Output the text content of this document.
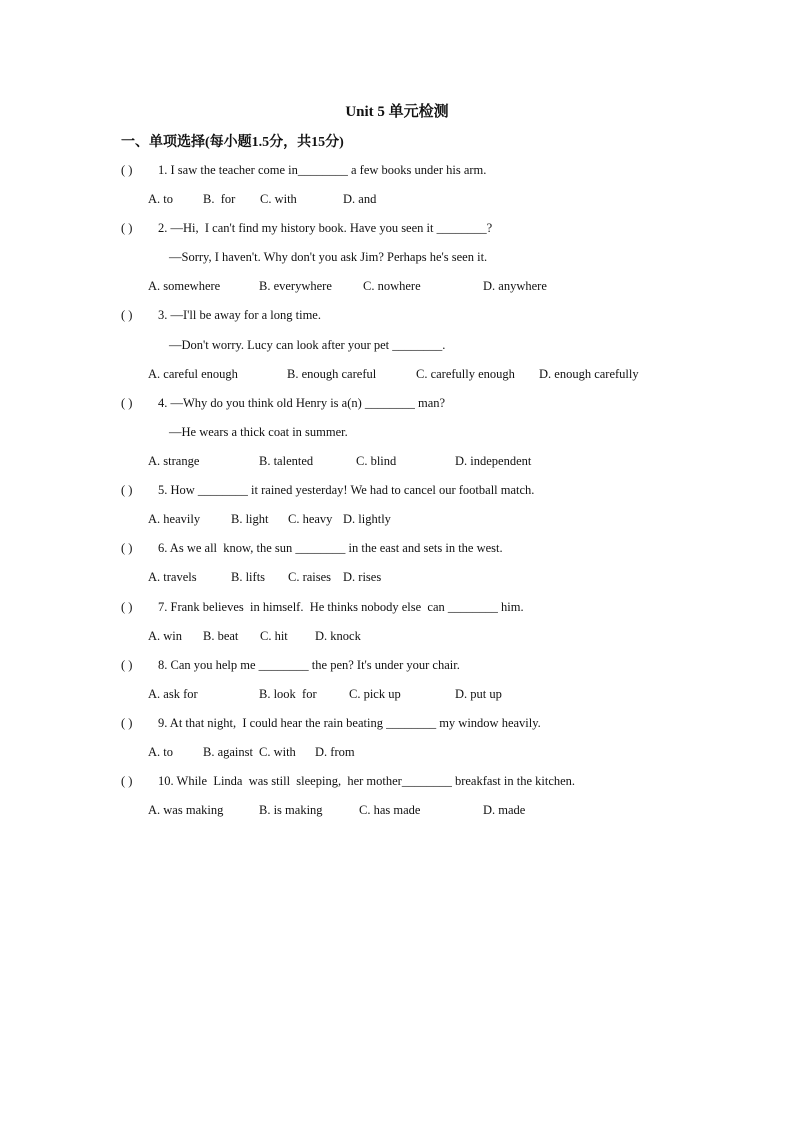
Unit 5 单元检测
一、单项选择(每小题1.5分，共15分)
( ) 1. I saw the teacher come in________ a few books under his arm.
A. to B.  for C. with	D. and
( ) 2. —Hi,  I can't find my history book. Have you seen it ________?
—Sorry, I haven't. Why don't you ask Jim? Perhaps he's seen it.
A. somewhere	B. everywhere C. nowhere	D. anywhere
( ) 3. —I'll be away for a long time.
—Don't worry. Lucy can look after your pet ________.
A. careful enough	B. enough careful	C. carefully enough D. enough carefully
( ) 4. —Why do you think old Henry is a(n) ________ man?
—He wears a thick coat in summer.
A. strange	B. talented	C. blind	D. independent
( ) 5. How ________ it rained yesterday! We had to cancel our football match.
A. heavily B. light C. heavy D. lightly
( ) 6. As we all  know, the sun ________ in the east and sets in the west.
A. travels	B. lifts C. raises D. rises
( ) 7. Frank believes  in himself.  He thinks nobody else  can ________ him.
A. win B. beat C. hit D. knock
( ) 8. Can you help me ________ the pen? It's under your chair.
A. ask for	B. look  for	C. pick up	D. put up
( ) 9. At that night,  I could hear the rain beating ________ my window heavily.
A. to B. against C. with D. from
( ) 10. While  Linda  was still  sleeping,  her mother________ breakfast in the kitchen.
A. was making	B. is making	C. has made	D. made
